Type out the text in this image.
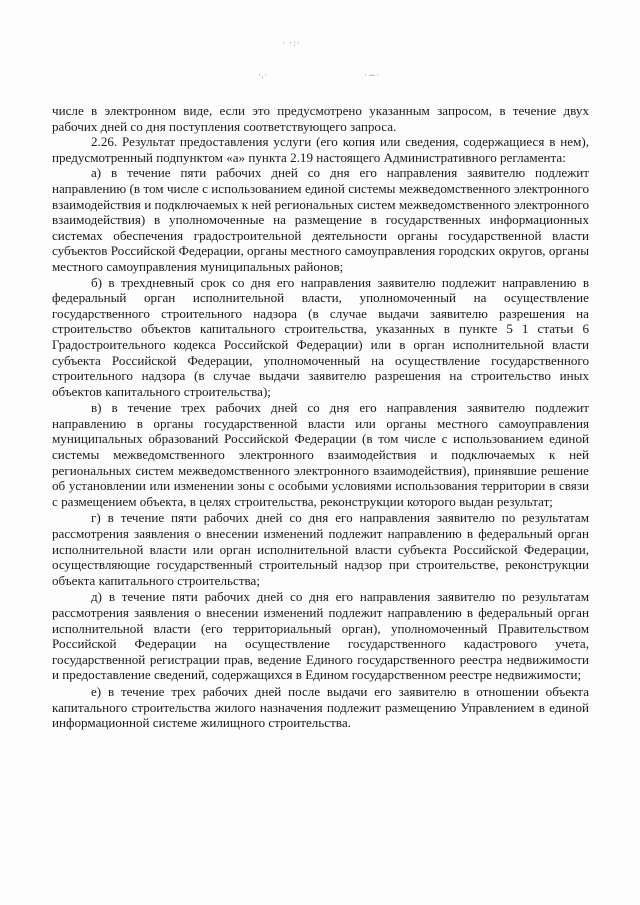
· ·:·
·ᵢ·	·∼·

числе в электронном виде, если это предусмотрено указанным запросом, в течение двух рабочих дней со дня поступления соответствующего запроса.

2.26. Результат предоставления услуги (его копия или сведения, содержащиеся в нем), предусмотренный подпунктом «а» пункта 2.19 настоящего Административного регламента:

а) в течение пяти рабочих дней со дня его направления заявителю подлежит направлению (в том числе с использованием единой системы межведомственного электронного взаимодействия и подключаемых к ней региональных систем межведомственного электронного взаимодействия) в уполномоченные на размещение в государственных информационных системах обеспечения градостроительной деятельности органы государственной власти субъектов Российской Федерации, органы местного самоуправления городских округов, органы местного самоуправления муниципальных районов;

б) в трехдневный срок со дня его направления заявителю подлежит направлению в федеральный орган исполнительной власти, уполномоченный на осуществление государственного строительного надзора (в случае выдачи заявителю разрешения на строительство объектов капитального строительства, указанных в пункте 5 1 статьи 6 Градостроительного кодекса Российской Федерации) или в орган исполнительной власти субъекта Российской Федерации, уполномоченный на осуществление государственного строительного надзора (в случае выдачи заявителю разрешения на строительство иных объектов капитального строительства);

в) в течение трех рабочих дней со дня его направления заявителю подлежит направлению в органы государственной власти или органы местного самоуправления муниципальных образований Российской Федерации (в том числе с использованием единой системы межведомственного электронного взаимодействия и подключаемых к ней региональных систем межведомственного электронного взаимодействия), принявшие решение об установлении или изменении зоны с особыми условиями использования территории в связи с размещением объекта, в целях строительства, реконструкции которого выдан результат;

г) в течение пяти рабочих дней со дня его направления заявителю по результатам рассмотрения заявления о внесении изменений подлежит направлению в федеральный орган исполнительной власти или орган исполнительной власти субъекта Российской Федерации, осуществляющие государственный строительный надзор при строительстве, реконструкции объекта капитального строительства;

д) в течение пяти рабочих дней со дня его направления заявителю по результатам рассмотрения заявления о внесении изменений подлежит направлению в федеральный орган исполнительной власти (его территориальный орган), уполномоченный Правительством Российской Федерации на осуществление государственного кадастрового учета, государственной регистрации прав, ведение Единого государственного реестра недвижимости и предоставление сведений, содержащихся в Едином государственном реестре недвижимости;

е) в течение трех рабочих дней после выдачи его заявителю в отношении объекта капитального строительства жилого назначения подлежит размещению Управлением в единой информационной системе жилищного строительства.
